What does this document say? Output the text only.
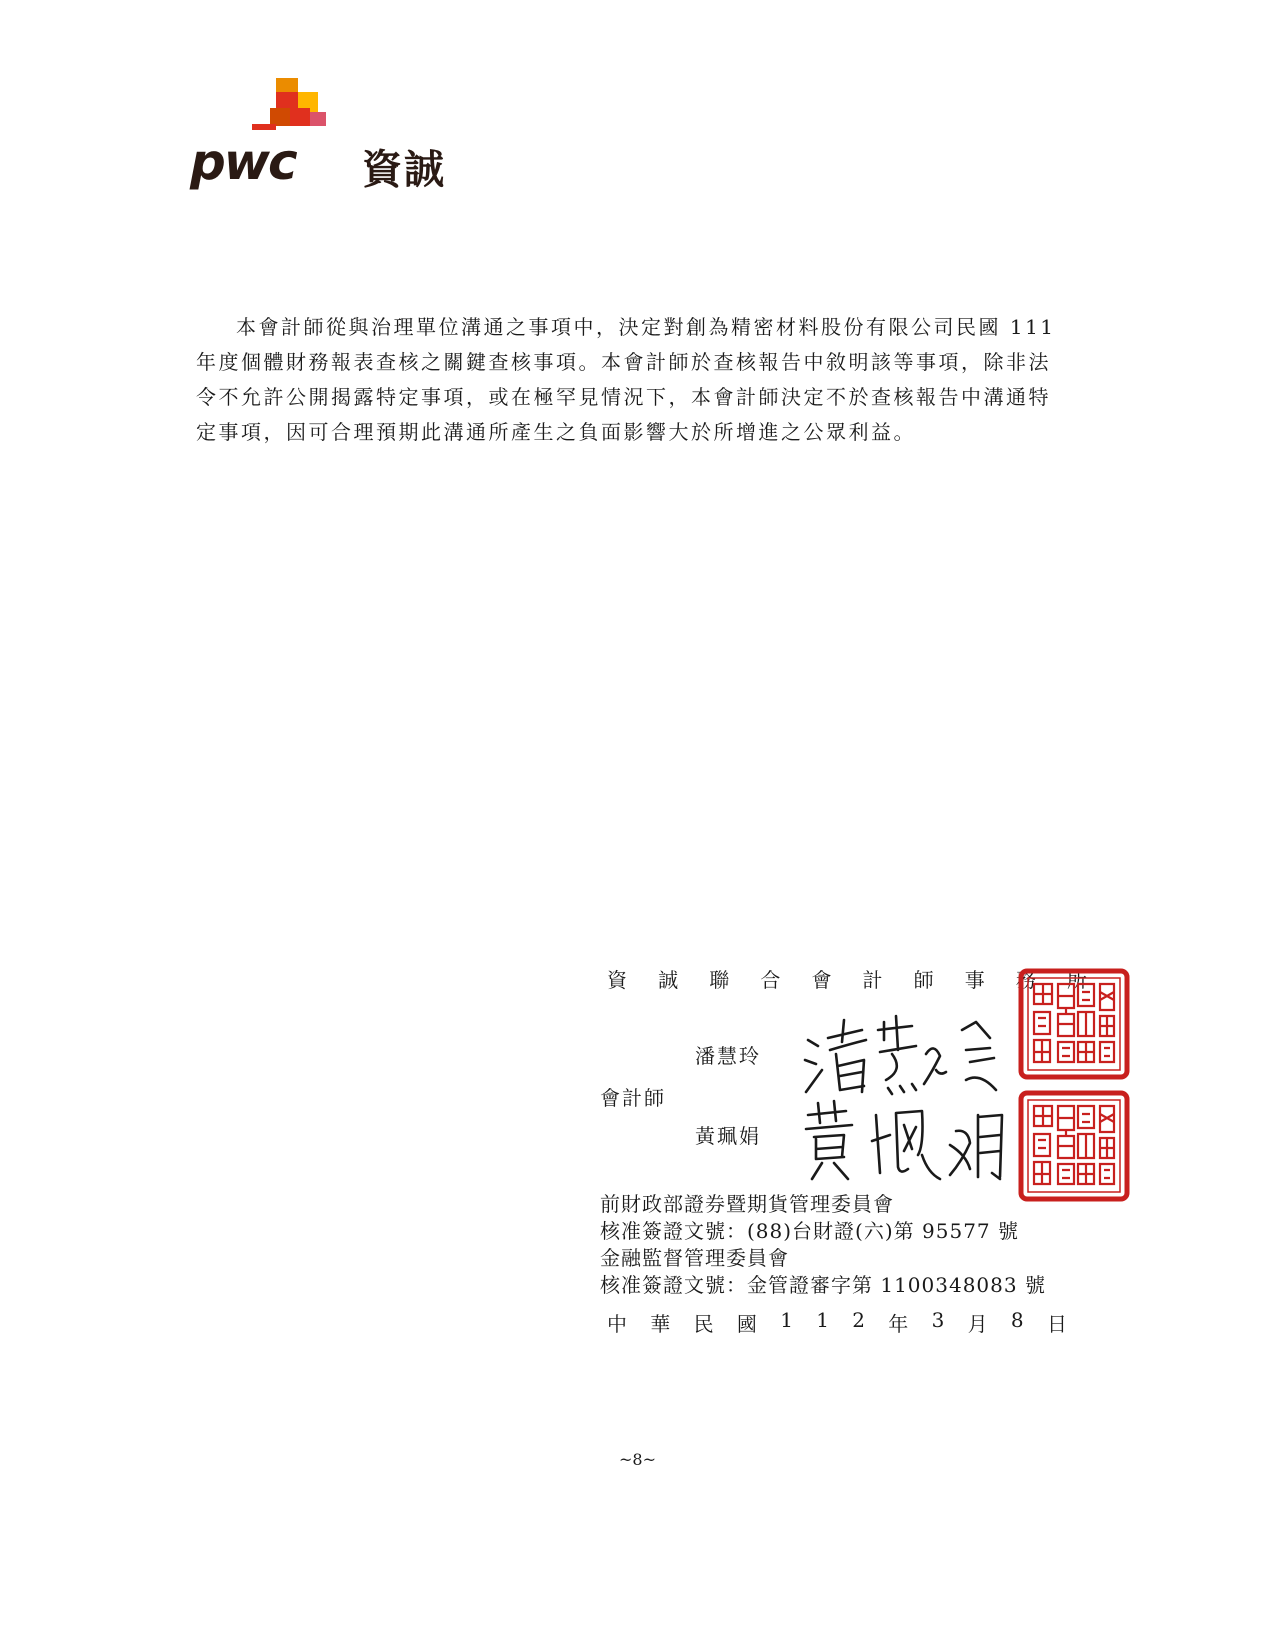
pwc 資誠
本會計師從與治理單位溝通之事項中，決定對創為精密材料股份有限公司民國 111
年度個體財務報表查核之關鍵查核事項。本會計師於查核報告中敘明該等事項，除非法
令不允許公開揭露特定事項，或在極罕見情況下，本會計師決定不於查核報告中溝通特
定事項，因可合理預期此溝通所產生之負面影響大於所增進之公眾利益。
資 誠 聯 合 會 計 師 事 務 所
會計師
潘慧玲
黃珮娟
前財政部證券暨期貨管理委員會
核准簽證文號：(88)台財證(六)第 95577 號
金融監督管理委員會
核准簽證文號：金管證審字第 1100348083 號
中 華 民 國 1 1 2 年 3 月 8 日
~8~
